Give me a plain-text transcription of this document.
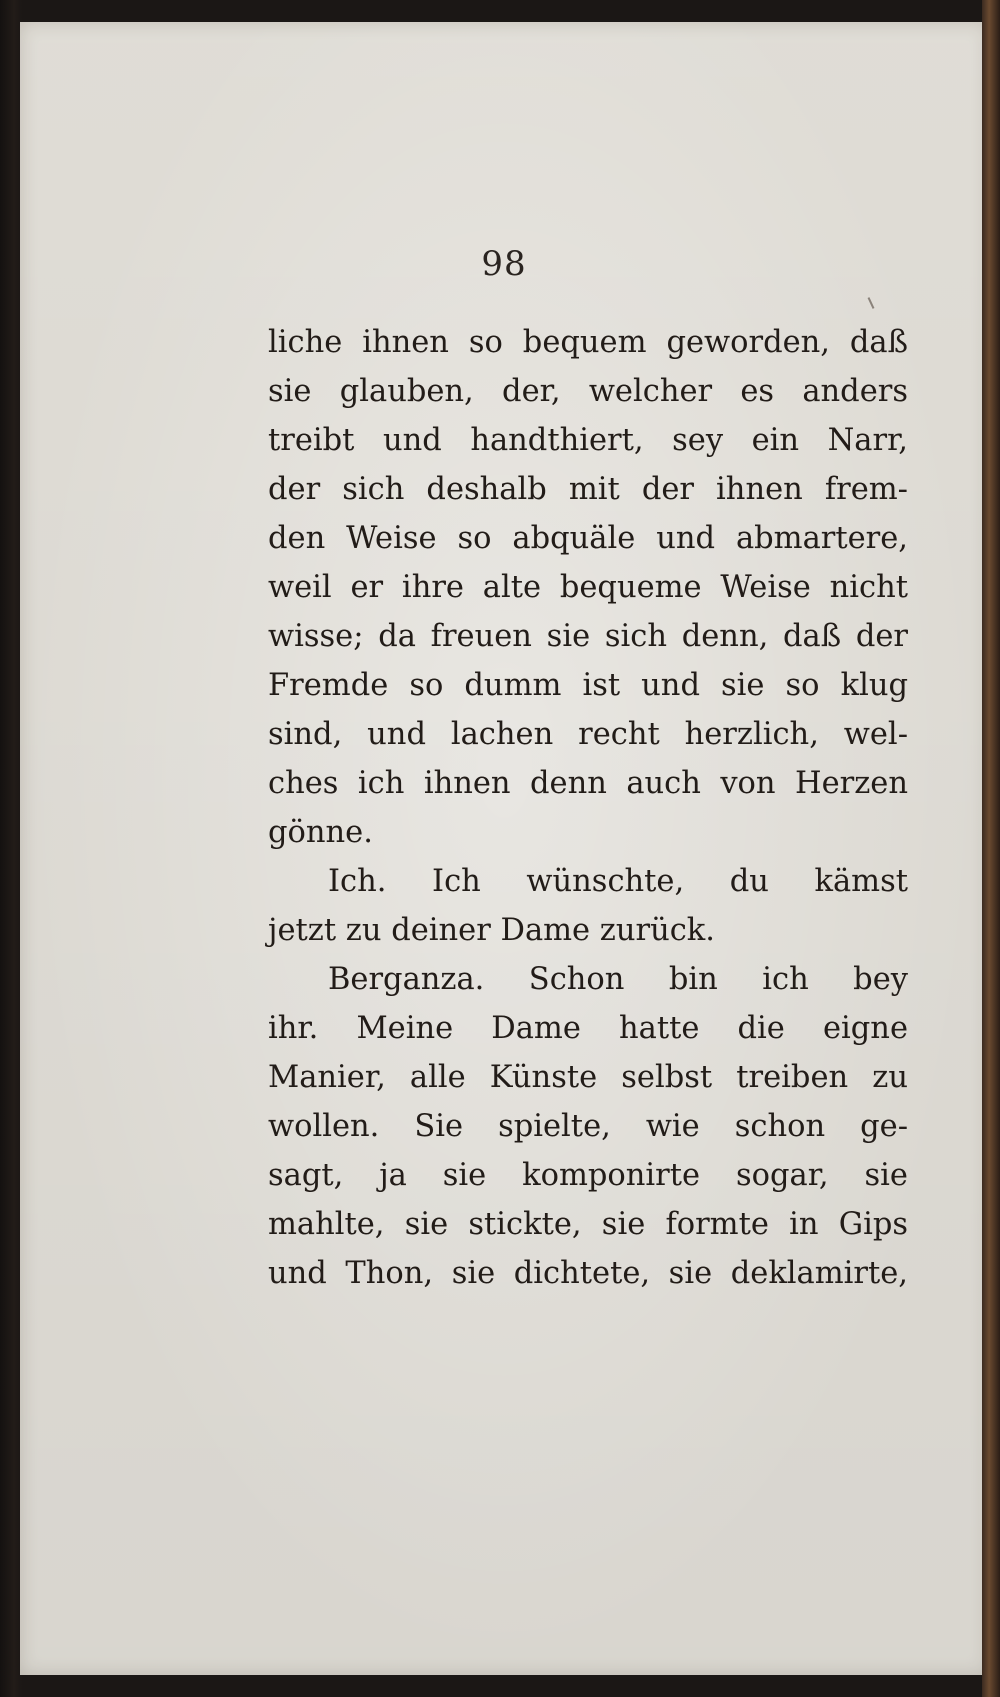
98
liche ihnen so bequem geworden, daß
sie glauben, der, welcher es anders
treibt und handthiert, sey ein Narr,
der sich deshalb mit der ihnen frem-
den Weise so abquäle und abmartere,
weil er ihre alte bequeme Weise nicht
wisse; da freuen sie sich denn, daß der
Fremde so dumm ist und sie so klug
sind, und lachen recht herzlich, wel-
ches ich ihnen denn auch von Herzen
gönne.
Ich. Ich wünschte, du kämst
jetzt zu deiner Dame zurück.
Berganza. Schon bin ich bey
ihr. Meine Dame hatte die eigne
Manier, alle Künste selbst treiben zu
wollen. Sie spielte, wie schon ge-
sagt, ja sie komponirte sogar, sie
mahlte, sie stickte, sie formte in Gips
und Thon, sie dichtete, sie deklamirte,
